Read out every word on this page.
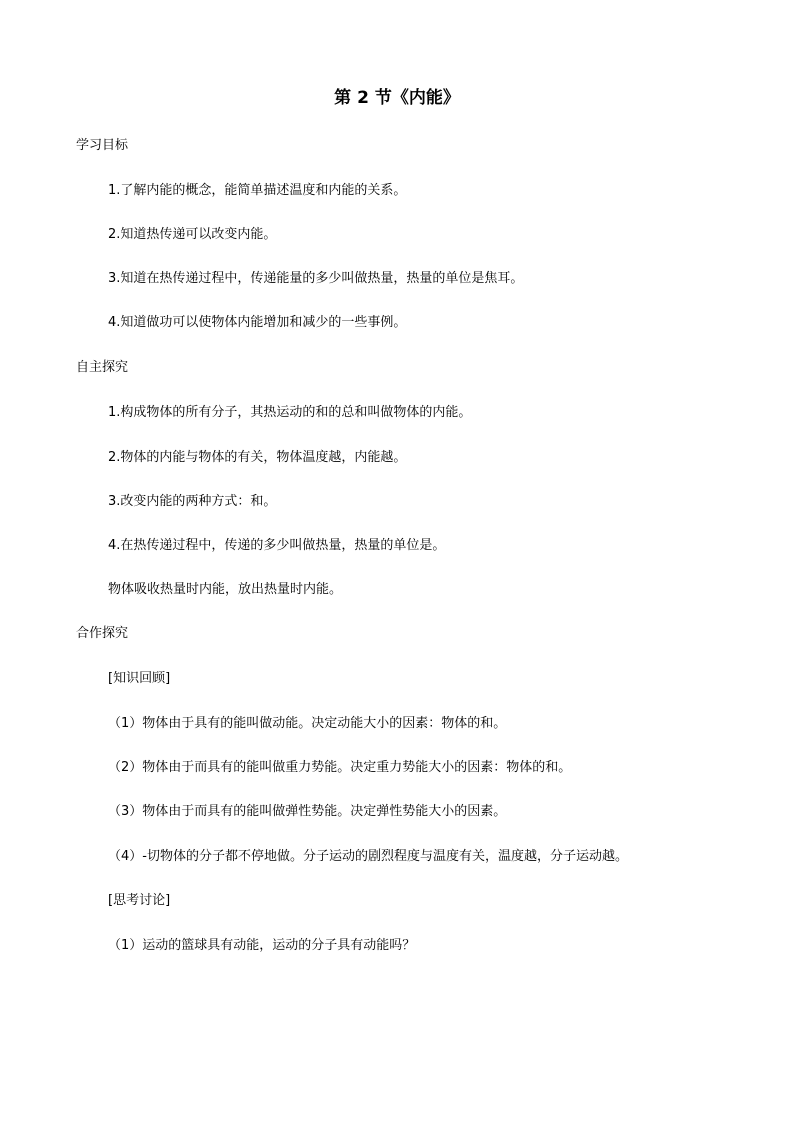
第 2 节《内能》
学习目标
1.了解内能的概念，能简单描述温度和内能的关系。
2.知道热传递可以改变内能。
3.知道在热传递过程中，传递能量的多少叫做热量，热量的单位是焦耳。
4.知道做功可以使物体内能增加和减少的一些事例。
自主探究
1.构成物体的所有分子，其热运动的和的总和叫做物体的内能。
2.物体的内能与物体的有关，物体温度越，内能越。
3.改变内能的两种方式：和。
4.在热传递过程中，传递的多少叫做热量，热量的单位是。
物体吸收热量时内能，放出热量时内能。
合作探究
[知识回顾]
（1）物体由于具有的能叫做动能。决定动能大小的因素：物体的和。
（2）物体由于而具有的能叫做重力势能。决定重力势能大小的因素：物体的和。
（3）物体由于而具有的能叫做弹性势能。决定弹性势能大小的因素。
（4）-切物体的分子都不停地做。分子运动的剧烈程度与温度有关，温度越，分子运动越。
[思考讨论]
（1）运动的篮球具有动能，运动的分子具有动能吗？
